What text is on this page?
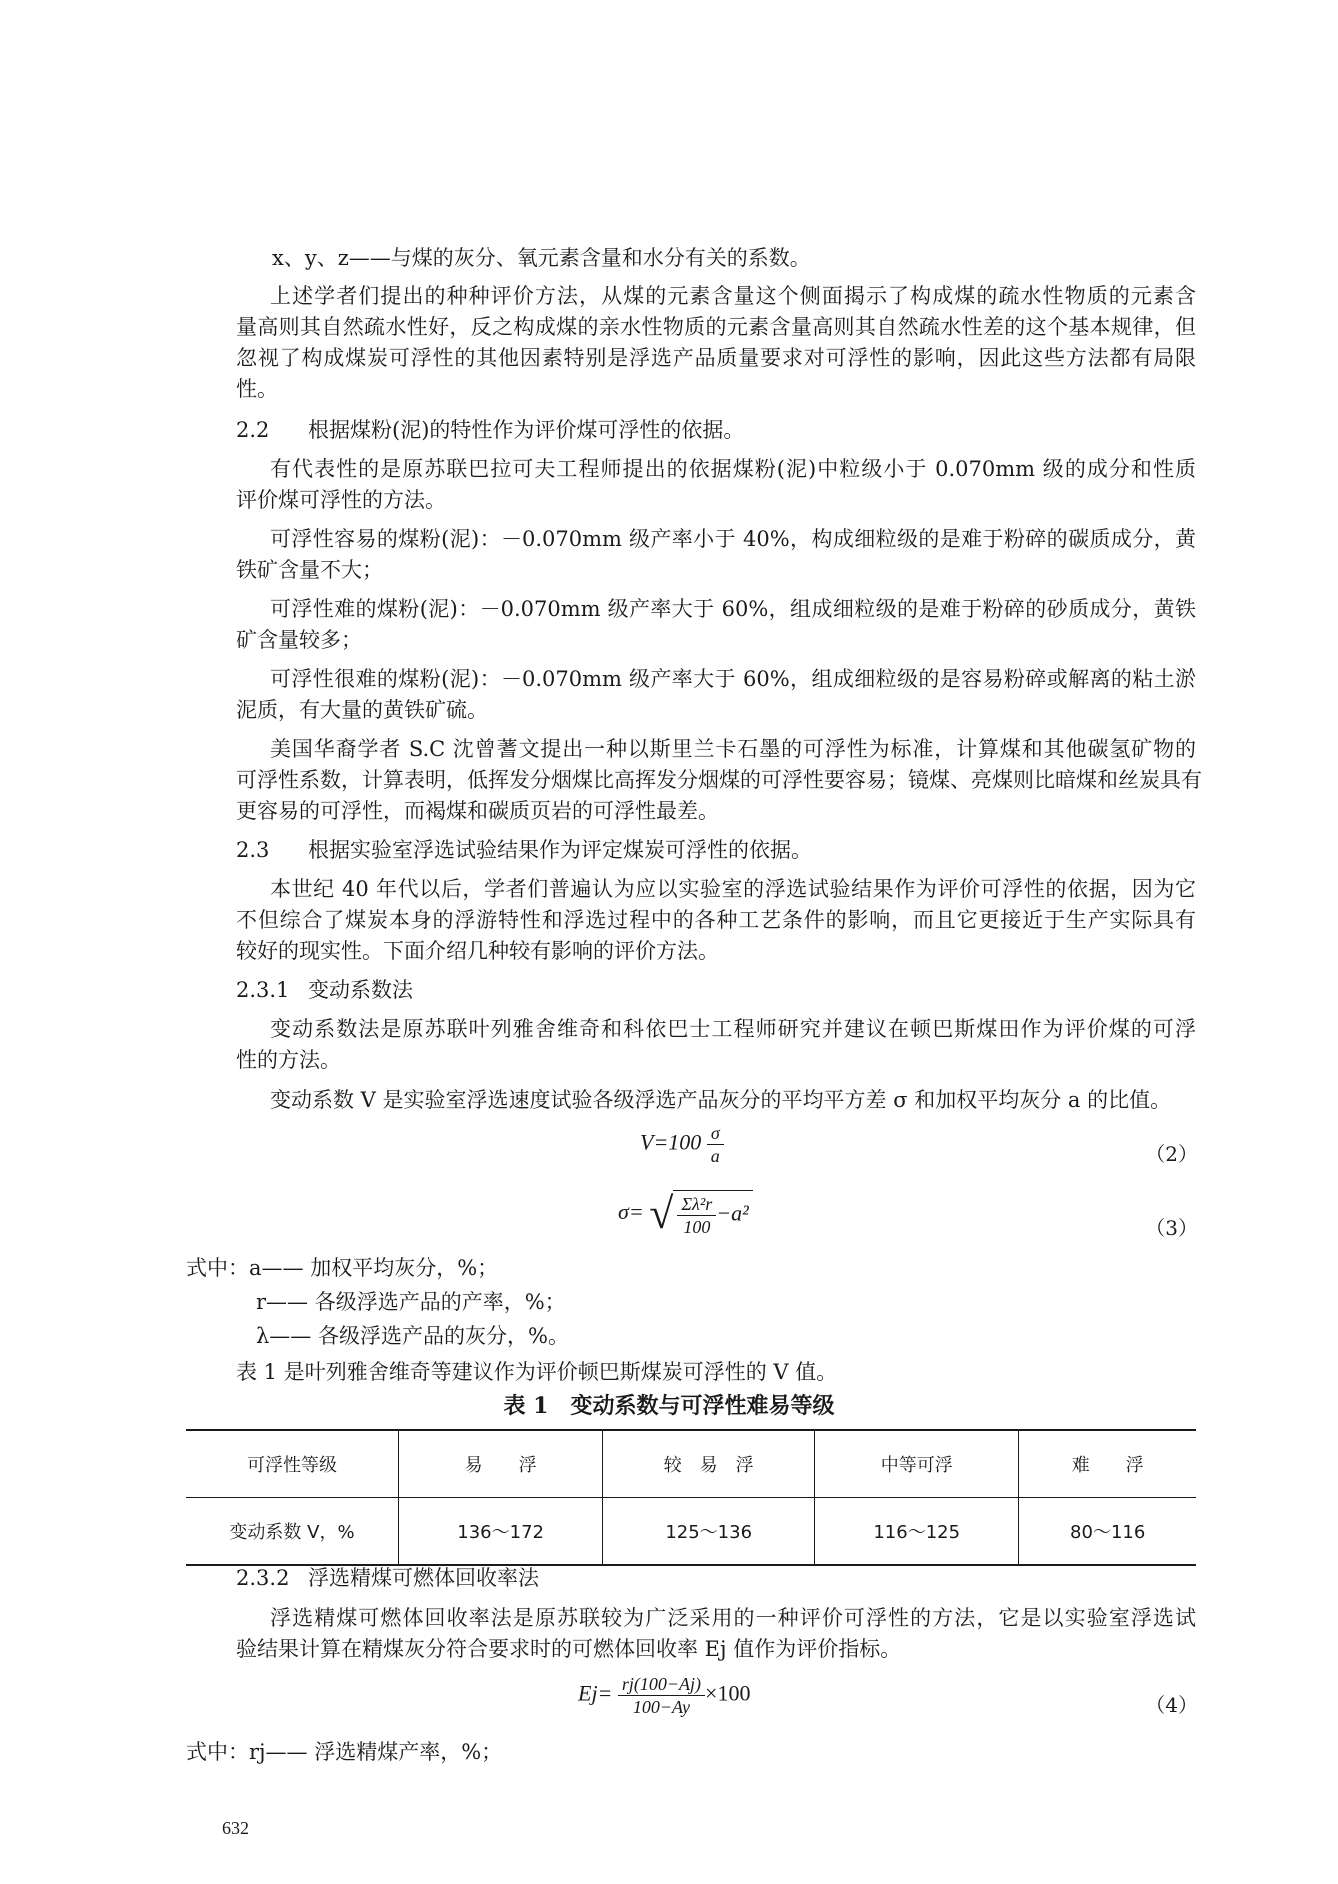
x、y、z——与煤的灰分、氧元素含量和水分有关的系数。
上述学者们提出的种种评价方法，从煤的元素含量这个侧面揭示了构成煤的疏水性物质的元素含
量高则其自然疏水性好，反之构成煤的亲水性物质的元素含量高则其自然疏水性差的这个基本规律，但
忽视了构成煤炭可浮性的其他因素特别是浮选产品质量要求对可浮性的影响，因此这些方法都有局限
性。
2.2 根据煤粉(泥)的特性作为评价煤可浮性的依据。
有代表性的是原苏联巴拉可夫工程师提出的依据煤粉(泥)中粒级小于 0.070mm 级的成分和性质
评价煤可浮性的方法。
可浮性容易的煤粉(泥)：－0.070mm 级产率小于 40%，构成细粒级的是难于粉碎的碳质成分，黄
铁矿含量不大；
可浮性难的煤粉(泥)：－0.070mm 级产率大于 60%，组成细粒级的是难于粉碎的砂质成分，黄铁
矿含量较多；
可浮性很难的煤粉(泥)：－0.070mm 级产率大于 60%，组成细粒级的是容易粉碎或解离的粘土淤
泥质，有大量的黄铁矿硫。
美国华裔学者 S.C 沈曾蓍文提出一种以斯里兰卡石墨的可浮性为标准，计算煤和其他碳氢矿物的
可浮性系数，计算表明，低挥发分烟煤比高挥发分烟煤的可浮性要容易；镜煤、亮煤则比暗煤和丝炭具有
更容易的可浮性，而褐煤和碳质页岩的可浮性最差。
2.3 根据实验室浮选试验结果作为评定煤炭可浮性的依据。
本世纪 40 年代以后，学者们普遍认为应以实验室的浮选试验结果作为评价可浮性的依据，因为它
不但综合了煤炭本身的浮游特性和浮选过程中的各种工艺条件的影响，而且它更接近于生产实际具有
较好的现实性。下面介绍几种较有影响的评价方法。
2.3.1 变动系数法
变动系数法是原苏联叶列雅舍维奇和科依巴士工程师研究并建议在顿巴斯煤田作为评价煤的可浮
性的方法。
变动系数 V 是实验室浮选速度试验各级浮选产品灰分的平均平方差 σ 和加权平均灰分 a 的比值。
$V=100 \frac{\sigma}{a}$	（2）
σ= √ $\frac{\text{Σλ²r}}{100} -a^2$
（3）
式中：a—— 加权平均灰分，%；
r—— 各级浮选产品的产率，%；
λ—— 各级浮选产品的灰分，%。
表 1 是叶列雅舍维奇等建议作为评价顿巴斯煤炭可浮性的 V 值。
表 1　变动系数与可浮性难易等级
可浮性等级	易　　浮	较　易　浮	中等可浮	难　　浮
变动系数 V，%	136～172	125～136	116～125	80～116
2.3.2 浮选精煤可燃体回收率法
浮选精煤可燃体回收率法是原苏联较为广泛采用的一种评价可浮性的方法，它是以实验室浮选试
验结果计算在精煤灰分符合要求时的可燃体回收率 Ej 值作为评价指标。
$Ej= \frac{rj(100-Aj)}{100-Ay} \times 100$	（4）
式中：rj—— 浮选精煤产率，%；
632
